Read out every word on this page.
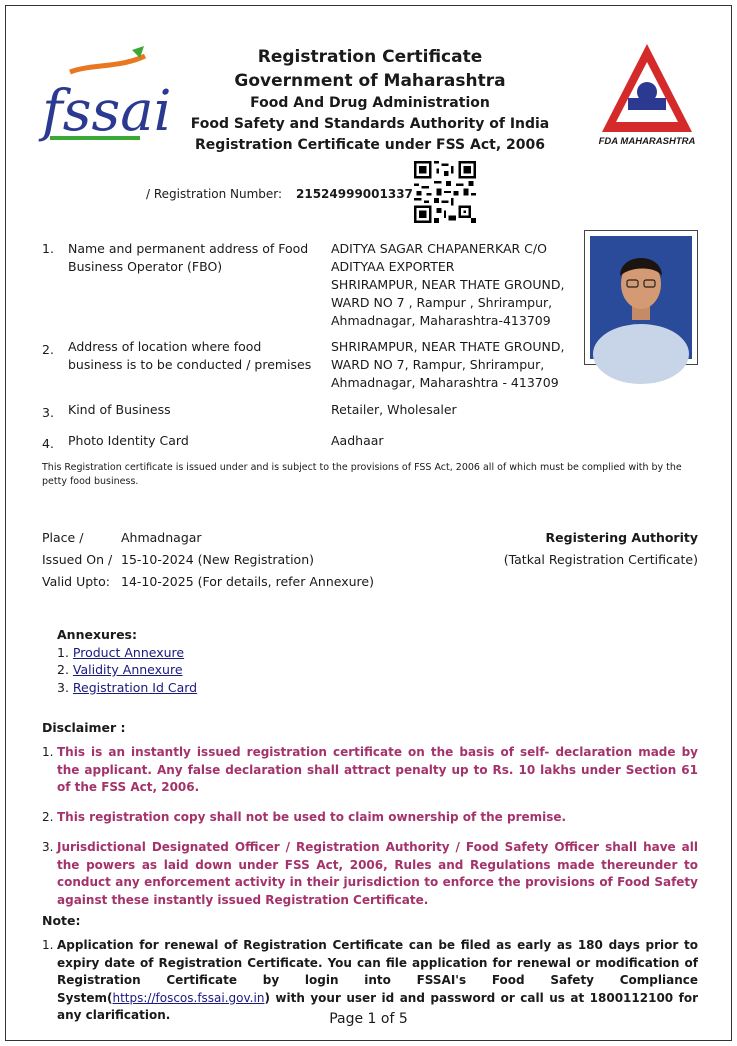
fssai	FDA MAHARASHTRA
Registration Certificate
Government of Maharashtra
Food And Drug Administration
Food Safety and Standards Authority of India
Registration Certificate under FSS Act, 2006
/ Registration Number: 21524999001337
1. Name and permanent address of Food Business Operator (FBO)
ADITYA SAGAR CHAPANERKAR C/O
ADITYAA EXPORTER
SHRIRAMPUR, NEAR THATE GROUND,
WARD NO 7 , Rampur , Shrirampur,
Ahmadnagar, Maharashtra-413709
2. Address of location where food business is to be conducted / premises
SHRIRAMPUR, NEAR THATE GROUND,
WARD NO 7, Rampur, Shrirampur,
Ahmadnagar, Maharashtra - 413709
3. Kind of Business	Retailer, Wholesaler
4. Photo Identity Card	Aadhaar
This Registration certificate is issued under and is subject to the provisions of FSS Act, 2006 all of which must be complied with by the petty food business.
Place /	Ahmadnagar
Issued On / 15-10-2024 (New Registration)
Valid Upto: 14-10-2025 (For details, refer Annexure)
Registering Authority
(Tatkal Registration Certificate)
Annexures:
1. Product Annexure
2. Validity Annexure
3. Registration Id Card
Disclaimer :
1. This is an instantly issued registration certificate on the basis of self- declaration made by the applicant. Any false declaration shall attract penalty up to Rs. 10 lakhs under Section 61 of the FSS Act, 2006.
2. This registration copy shall not be used to claim ownership of the premise.
3. Jurisdictional Designated Officer / Registration Authority / Food Safety Officer shall have all the powers as laid down under FSS Act, 2006, Rules and Regulations made thereunder to conduct any enforcement activity in their jurisdiction to enforce the provisions of Food Safety against these instantly issued Registration Certificate.
Note:
1. Application for renewal of Registration Certificate can be filed as early as 180 days prior to expiry date of Registration Certificate. You can file application for renewal or modification of Registration Certificate by login into FSSAI's Food Safety Compliance System(https://foscos.fssai.gov.in) with your user id and password or call us at 1800112100 for any clarification.	Page 1 of 5
